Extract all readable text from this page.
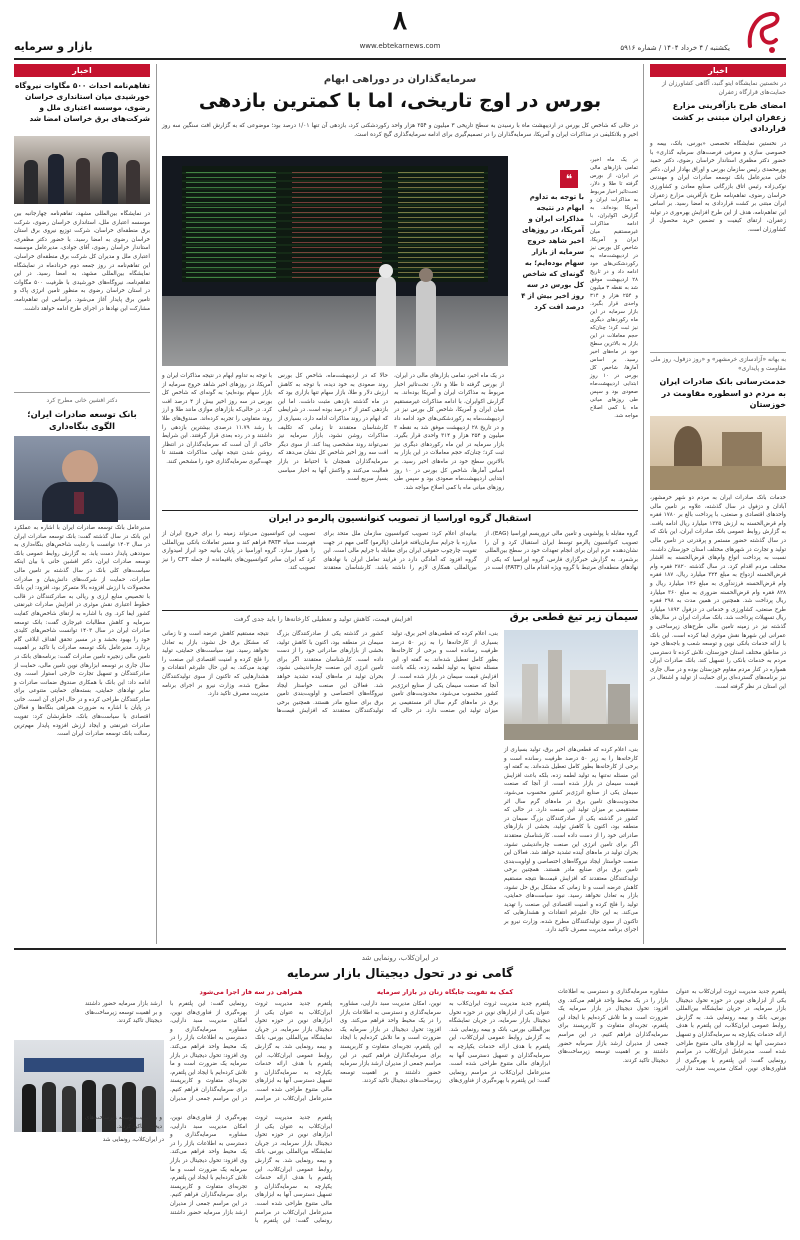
۸
www.ebtekarnews.com
بازار و سرمایه	یکشنبه / ۴ خرداد ۱۴۰۴ / شماره ۵۹۱۶
اخبار
تفاهم‌نامه احداث ۵۰۰ مگاوات نیروگاه خورشیدی میان استانداری خراسان رضوی، موسسه اعتباری ملل و شرکت‌های برق خراسان امضا شد
در نمایشگاه بین‌المللی مشهد، تفاهم‌نامه چهارجانبه بین موسسه اعتباری ملل، استانداری خراسان رضوی، شرکت برق منطقه‌ای خراسان، شرکت توزیع نیروی برق استان خراسان رضوی به امضا رسید. با حضور دکتر مظفری، استاندار خراسان رضوی، آقای جوادی، مدیرعامل موسسه اعتباری ملل و مدیران کل شرکت برق منطقه‌ای خراسان، این تفاهم‌نامه در روز جمعه دوم خرداد‌ماه در نمایشگاه نمایشگاه بین‌المللی مشهد، به امضا رسید. در این تفاهم‌نامه، نیروگاه‌های خورشیدی با ظرفیت ۵۰۰ مگاوات در استان خراسان رضوی به منظور تامین انرژی پاک و تامین برق پایدار آغاز می‌شود. براساس این تفاهم‌نامه، مشارکت این نهادها در اجرای طرح ادامه خواهد داشت.
دکتر افشین خانی مطرح کرد
بانک توسعه صادرات ایران؛ الگوی بنگاه‌داری
مدیرعامل بانک توسعه صادرات ایران با اشاره به عملکرد این بانک در سال گذشته گفت: بانک توسعه صادرات ایران در سال ۱۴۰۳ توانست با رعایت شاخص‌های بنگاه‌داری به سوددهی پایدار دست یابد. به گزارش روابط عمومی بانک توسعه صادرات ایران، دکتر افشین خانی با بیان اینکه سیاست‌های کلی بانک در سال گذشته بر تامین مالی صادرات، حمایت از شرکت‌های دانش‌بنیان و صادرات محصولات با ارزش افزوده بالا متمرکز بود، افزود: این بانک با تخصیص منابع ارزی و ریالی به صادرکنندگان در قالب خطوط اعتباری نقش موثری در افزایش صادرات غیرنفتی کشور ایفا کرد. وی با اشاره به ارتقای شاخص‌های کفایت سرمایه و کاهش مطالبات غیرجاری گفت: بانک توسعه صادرات ایران در سال ۱۴۰۳ توانست شاخص‌های کلیدی خود را بهبود بخشد و در مسیر تحقق اهداف ابلاغی گام بردارد. مدیرعامل بانک توسعه صادرات با تاکید بر اهمیت تامین مالی زنجیره تامین صادرات گفت: برنامه‌های بانک در سال جاری بر توسعه ابزارهای نوین تامین مالی، حمایت از صادرکنندگان و تسهیل تجارت خارجی استوار است. وی ادامه داد: این بانک با همکاری صندوق ضمانت صادرات و سایر نهادهای حمایتی، بسته‌های حمایتی متنوعی برای صادرکنندگان طراحی کرده و در حال اجرای آن است. خانی در پایان با اشاره به ضرورت همراهی بنگاه‌ها و فعالان اقتصادی با سیاست‌های بانک، خاطرنشان کرد: تقویت صادرات غیرنفتی و ایجاد ارزش افزوده پایدار مهم‌ترین رسالت بانک توسعه صادرات ایران است.
سرمایه‌گذاران در دوراهی ابهام
بورس در اوج تاریخی، اما با کمترین بازدهی
در حالی که شاخص کل بورس در اردیبهشت ماه با رسیدن به سطح تاریخی ۳ میلیون و ۲۵۴ هزار واحد رکوردشکنی کرد، بازدهی آن تنها ۱/۰۱ درصد بود؛ موضوعی که به گزارش افت سنگین سه روز اخیر و بلاتکلیفی در مذاکرات ایران و آمریکا، سرمایه‌گذاران را در تصمیم‌گیری برای ادامه سرمایه‌گذاری گیج کرده است.
❝
با توجه به تداوم ابهام در نتیجه مذاکرات ایران و آمریکا، در روزهای اخیر شاهد خروج سرمایه از بازار سهام بوده‌ایم؛ به گونه‌ای که شاخص کل بورس در سه روز اخیر بیش از ۴ درصد افت کرد
در یک ماه اخیر، تمامی بازارهای مالی در ایران، از بورس گرفته تا طلا و دلار، تحت‌تاثیر اخبار مربوط به مذاکرات ایران و آمریکا بوده‌اند. به گزارش اکوایران، با ادامه مذاکرات غیرمستقیم میان ایران و آمریکا، شاخص کل بورس نیز در اردیبهشت‌ماه به رکوردشکنی‌های خود ادامه داد و در تاریخ ۲۸ اردیبهشت موفق شد به نقطه ۳ میلیون و ۲۵۴ هزار و ۳۱۴ واحدی قرار بگیرد. بازار سرمایه در این ماه رکوردهای دیگری نیز ثبت کرد؛ چنان‌که حجم معاملات در این بازار به بالاترین سطح خود در ماه‌های اخیر رسید. بر اساس آمارها، شاخص کل بورس در ۱۰ روز ابتدایی اردیبهشت‌ماه صعودی بود و سپس طی روزهای میانی ماه با کمی اصلاح مواجه شد.
با توجه به تداوم ابهام در نتیجه مذاکرات ایران و آمریکا، در روزهای اخیر شاهد خروج سرمایه از بازار سهام بوده‌ایم؛ به گونه‌ای که شاخص کل بورس در سه روز اخیر بیش از ۴ درصد افت کرد. در حالی‌که بازارهای موازی مانند طلا و ارز روند متفاوتی را تجربه کرده‌اند. صندوق‌های طلا با رشد ۱۱.۷۹ درصدی بیشترین بازدهی را داشتند و در رده بعدی قرار گرفتند. این شرایط حاکی از آن است که سرمایه‌گذاران در انتظار روشن شدن نتیجه نهایی مذاکرات هستند تا جهت‌گیری سرمایه‌گذاری خود را مشخص کنند.
حالا که در اردیبهشت‌ماه، شاخص کل بورس روند صعودی به خود دیده، با توجه به کاهش ارزش دلار و طلا، بازار سهام تنها بازاری بود که در ماه گذشته بازدهی مثبت داشت. اما این بازدهی کمتر از ۲ درصد بوده است. در شرایطی که ابهام در روند مذاکرات ادامه دارد، بسیاری از کارشناسان معتقدند تا زمانی که تکلیف مذاکرات روشن نشود، بازار سرمایه نیز نمی‌تواند روند مشخصی پیدا کند. از سوی دیگر افت سه روز اخیر شاخص کل نشان می‌دهد که سرمایه‌گذاران همچنان با احتیاط در بازار فعالیت می‌کنند و واکنش آنها به اخبار سیاسی بسیار سریع است.
در یک ماه اخیر، تمامی بازارهای مالی در ایران، از بورس گرفته تا طلا و دلار، تحت‌تاثیر اخبار مربوط به مذاکرات ایران و آمریکا بوده‌اند. به گزارش اکوایران، با ادامه مذاکرات غیرمستقیم میان ایران و آمریکا، شاخص کل بورس نیز در اردیبهشت‌ماه به رکوردشکنی‌های خود ادامه داد و در تاریخ ۲۸ اردیبهشت موفق شد به نقطه ۳ میلیون و ۲۵۴ هزار و ۳۱۴ واحدی قرار بگیرد. بازار سرمایه در این ماه رکوردهای دیگری نیز ثبت کرد؛ چنان‌که حجم معاملات در این بازار به بالاترین سطح خود در ماه‌های اخیر رسید. بر اساس آمارها، شاخص کل بورس در ۱۰ روز ابتدایی اردیبهشت‌ماه صعودی بود و سپس طی روزهای میانی ماه با کمی اصلاح مواجه شد.
استقبال گروه اوراسیا از تصویب کنوانسیون پالرمو در ایران
گروه مقابله با پولشویی و تامین مالی تروریسم اوراسیا (EAG)، از تصویب کنوانسیون پالرمو توسط ایران استقبال کرد و آن را نشان‌دهنده عزم ایران برای انجام تعهدات خود در سطح بین‌المللی برشمرد. به گزارش خبرگزاری فارس، گروه اوراسیا که یکی از نهادهای منطقه‌ای مرتبط با گروه ویژه اقدام مالی (FATF) است در بیانیه‌ای اعلام کرد: تصویب کنوانسیون سازمان ملل متحد برای مبارزه با جرایم سازمان‌یافته فراملی (پالرمو) گامی مهم در جهت تقویت چارچوب حقوقی ایران برای مقابله با جرایم مالی است. این گروه افزود که آمادگی دارد در فرایند تعامل ایران با نهادهای بین‌المللی همکاری لازم را داشته باشد. کارشناسان معتقدند تصویب این کنوانسیون می‌تواند زمینه را برای خروج ایران از فهرست سیاه FATF فراهم کند و مسیر تعاملات بانکی بین‌المللی را هموار سازد. گروه اوراسیا در پایان بیانیه خود ابراز امیدواری کرد که ایران سایر کنوانسیون‌های باقیمانده از جمله CFT را نیز تصویب کند.
افزایش قیمت، کاهش تولید و تعطیلی کارخانه‌ها را باید جدی گرفت	سیمان زیر تیغ قطعی برق
بنی، اعلام کرده که قطعی‌های اخیر برق، تولید بسیاری از کارخانه‌ها را به زیر ۵۰ درصد ظرفیت رسانده است و برخی از کارخانه‌ها بطور کامل تعطیل شده‌اند. به گفته او، این مسئله نه‌تنها به تولید لطمه زده، بلکه باعث افزایش قیمت سیمان در بازار شده است. از آنجا که صنعت سیمان یکی از صنایع انرژی‌بر کشور محسوب می‌شود، محدودیت‌های تامین برق در ماه‌های گرم سال اثر مستقیمی بر میزان تولید این صنعت دارد. در حالی که کشور در گذشته یکی از صادرکنندگان بزرگ سیمان در منطقه بود، اکنون با کاهش تولید، بخشی از بازارهای صادراتی خود را از دست داده است. کارشناسان معتقدند اگر برای تامین انرژی این صنعت چاره‌اندیشی نشود، بحران تولید در ماه‌های آینده تشدید خواهد شد. فعالان این صنعت خواستار ایجاد نیروگاه‌های اختصاصی و اولویت‌بندی تامین برق برای صنایع مادر هستند. همچنین برخی تولیدکنندگان معتقدند که افزایش قیمت‌ها نتیجه مستقیم کاهش عرضه است و تا زمانی که مشکل برق حل نشود، بازار به تعادل نخواهد رسید. نبود سیاست‌های حمایتی، تولید را فلج کرده و امنیت اقتصادی این صنعت را تهدید می‌کند. به این حال علیرغم انتقادات و هشدارهایی که تاکنون از سوی تولیدکنندگان مطرح شده، وزارت نیرو بر اجرای برنامه مدیریت مصرف تاکید دارد.
بنی، اعلام کرده که قطعی‌های اخیر برق، تولید بسیاری از کارخانه‌ها را به زیر ۵۰ درصد ظرفیت رسانده است و برخی از کارخانه‌ها بطور کامل تعطیل شده‌اند. به گفته او، این مسئله نه‌تنها به تولید لطمه زده، بلکه باعث افزایش قیمت سیمان در بازار شده است. از آنجا که صنعت سیمان یکی از صنایع انرژی‌بر کشور محسوب می‌شود، محدودیت‌های تامین برق در ماه‌های گرم سال اثر مستقیمی بر میزان تولید این صنعت دارد. در حالی که کشور در گذشته یکی از صادرکنندگان بزرگ سیمان در منطقه بود، اکنون با کاهش تولید، بخشی از بازارهای صادراتی خود را از دست داده است. کارشناسان معتقدند اگر برای تامین انرژی این صنعت چاره‌اندیشی نشود، بحران تولید در ماه‌های آینده تشدید خواهد شد. فعالان این صنعت خواستار ایجاد نیروگاه‌های اختصاصی و اولویت‌بندی تامین برق برای صنایع مادر هستند. همچنین برخی تولیدکنندگان معتقدند که افزایش قیمت‌ها نتیجه مستقیم کاهش عرضه است و تا زمانی که مشکل برق حل نشود، بازار به تعادل نخواهد رسید. نبود سیاست‌های حمایتی، تولید را فلج کرده و امنیت اقتصادی این صنعت را تهدید می‌کند. به این حال علیرغم انتقادات و هشدارهایی که تاکنون از سوی تولیدکنندگان مطرح شده، وزارت نیرو بر اجرای برنامه مدیریت مصرف تاکید دارد.
اخبار
در نخستین نمایشگاه ایتو گنبد، آگاهی کشاورزان از حمایت‌های قرارگاه زعفران
امضای طرح بازآفرینی مزارع زعفران ایران مبتنی بر کشت قراردادی
در نخستین نمایشگاه تخصصی «بورس، بانک، بیمه و خصوصی سازی و معرفی فرصت‌های سرمایه گذاری» با حضور دکتر مظفری استاندار خراسان رضوی، دکتر حمید پورمحمدی رئیس سازمان بورس و اوراق بهادار ایران، دکتر خانی مدیرعامل بانک توسعه صادرات ایران و مهندس نوکی‌زاده رئیس اتاق بازرگانی صنایع معادن و کشاورزی خراسان رضوی، تفاهم‌نامه طرح بازآفرینی مزارع زعفران ایران مبتنی بر کشت قراردادی به امضا رسید. بر اساس این تفاهم‌نامه، هدف از این طرح افزایش بهره‌وری در تولید زعفران، ارتقای کیفیت و تضمین خرید محصول از کشاورزان است.
به بهانه «آزادسازی خرمشهر» و «روز دزفول، روز ملی مقاومت و پایداری»
خدمت‌رسانی بانک صادرات ایران به مردم دو اسطوره مقاومت در خوزستان
خدمات بانک صادرات ایران به مردم دو شهر خرمشهر، آبادان و دزفول در سال گذشته، علاوه بر تامین مالی واحدهای اقتصادی و صنعتی، با پرداخت بالغ بر ۱۷۸۰ فقره وام قرض‌الحسنه به ارزش ۱۳۳۵ میلیارد ریال ادامه یافت. به گزارش روابط عمومی بانک صادرات ایران، این بانک که در سال گذشته حضور مستمر و پرقدرتی در تامین مالی تولید و تجارت در شهرهای مختلف استان خوزستان داشت، نسبت به پرداخت انواع وام‌های قرض‌الحسنه به اقشار مختلف مردم اقدام کرد. در سال گذشته ۲۸۲۰ فقره وام قرض‌الحسنه ازدواج به مبلغ ۳۲۴ میلیارد ریال، ۱۸۷ فقره وام قرض‌الحسنه فرزندآوری به مبلغ ۱۴۶ میلیارد ریال و ۸۲۸ فقره وام قرض‌الحسنه ضروری به مبلغ ۳۶۰ میلیارد ریال پرداخت شد. همچنین در همین مدت به ۲۹۸ فقره طرح صنعتی، کشاورزی و خدماتی در دزفول ۱۸۹۲ میلیارد ریال تسهیلات پرداخت شد. بانک صادرات ایران در سال‌های گذشته نیز در زمینه تامین مالی طرح‌های زیرساختی و عمرانی این شهرها نقش موثری ایفا کرده است. این بانک با ارائه خدمات بانکی نوین و توسعه شعب و باجه‌های خود در مناطق مختلف استان خوزستان، تلاش کرده تا دسترسی مردم به خدمات بانکی را تسهیل کند. بانک صادرات ایران همواره در کنار مردم مقاوم خوزستان بوده و در سال جاری نیز برنامه‌های گسترده‌ای برای حمایت از تولید و اشتغال در این استان در نظر گرفته است.
در ایران‌کلاب، رونمایی شد
گامی نو در تحول دیجیتال بازار سرمایه
پلتفرم جدید مدیریت ثروت ایران‌کلاب به عنوان یکی از ابزارهای نوین در حوزه تحول دیجیتال بازار سرمایه، در جریان نمایشگاه بین‌المللی بورس، بانک و بیمه رونمایی شد. به گزارش روابط عمومی ایران‌کلاب، این پلتفرم با هدف ارائه خدمات یکپارچه به سرمایه‌گذاران و تسهیل دسترسی آنها به ابزارهای مالی متنوع طراحی شده است. مدیرعامل ایران‌کلاب در مراسم رونمایی گفت: این پلتفرم با بهره‌گیری از فناوری‌های نوین، امکان مدیریت سبد دارایی، مشاوره سرمایه‌گذاری و دسترسی به اطلاعات بازار را در یک محیط واحد فراهم می‌کند. وی افزود: تحول دیجیتال در بازار سرمایه یک ضرورت است و ما تلاش کرده‌ایم با ایجاد این پلتفرم، تجربه‌ای متفاوت و کاربرپسند برای سرمایه‌گذاران فراهم کنیم. در این مراسم جمعی از مدیران ارشد بازار سرمایه حضور داشتند و بر اهمیت توسعه زیرساخت‌های دیجیتال تاکید کردند.
کمک به تقویت جایگاه زنان در بازار سرمایه
پلتفرم جدید مدیریت ثروت ایران‌کلاب به عنوان یکی از ابزارهای نوین در حوزه تحول دیجیتال بازار سرمایه، در جریان نمایشگاه بین‌المللی بورس، بانک و بیمه رونمایی شد. به گزارش روابط عمومی ایران‌کلاب، این پلتفرم با هدف ارائه خدمات یکپارچه به سرمایه‌گذاران و تسهیل دسترسی آنها به ابزارهای مالی متنوع طراحی شده است. مدیرعامل ایران‌کلاب در مراسم رونمایی گفت: این پلتفرم با بهره‌گیری از فناوری‌های نوین، امکان مدیریت سبد دارایی، مشاوره سرمایه‌گذاری و دسترسی به اطلاعات بازار را در یک محیط واحد فراهم می‌کند. وی افزود: تحول دیجیتال در بازار سرمایه یک ضرورت است و ما تلاش کرده‌ایم با ایجاد این پلتفرم، تجربه‌ای متفاوت و کاربرپسند برای سرمایه‌گذاران فراهم کنیم. در این مراسم جمعی از مدیران ارشد بازار سرمایه حضور داشتند و بر اهمیت توسعه زیرساخت‌های دیجیتال تاکید کردند.
همراهی در سه فاز اجرا می‌شود
پلتفرم جدید مدیریت ثروت ایران‌کلاب به عنوان یکی از ابزارهای نوین در حوزه تحول دیجیتال بازار سرمایه، در جریان نمایشگاه بین‌المللی بورس، بانک و بیمه رونمایی شد. به گزارش روابط عمومی ایران‌کلاب، این پلتفرم با هدف ارائه خدمات یکپارچه به سرمایه‌گذاران و تسهیل دسترسی آنها به ابزارهای مالی متنوع طراحی شده است. مدیرعامل ایران‌کلاب در مراسم رونمایی گفت: این پلتفرم با بهره‌گیری از فناوری‌های نوین، امکان مدیریت سبد دارایی، مشاوره سرمایه‌گذاری و دسترسی به اطلاعات بازار را در یک محیط واحد فراهم می‌کند. وی افزود: تحول دیجیتال در بازار سرمایه یک ضرورت است و ما تلاش کرده‌ایم با ایجاد این پلتفرم، تجربه‌ای متفاوت و کاربرپسند برای سرمایه‌گذاران فراهم کنیم. در این مراسم جمعی از مدیران ارشد بازار سرمایه حضور داشتند و بر اهمیت توسعه زیرساخت‌های دیجیتال تاکید کردند.
پلتفرم جدید مدیریت ثروت ایران‌کلاب به عنوان یکی از ابزارهای نوین در حوزه تحول دیجیتال بازار سرمایه، در جریان نمایشگاه بین‌المللی بورس، بانک و بیمه رونمایی شد. به گزارش روابط عمومی ایران‌کلاب، این پلتفرم با هدف ارائه خدمات یکپارچه به سرمایه‌گذاران و تسهیل دسترسی آنها به ابزارهای مالی متنوع طراحی شده است. مدیرعامل ایران‌کلاب در مراسم رونمایی گفت: این پلتفرم با بهره‌گیری از فناوری‌های نوین، امکان مدیریت سبد دارایی، مشاوره سرمایه‌گذاری و دسترسی به اطلاعات بازار را در یک محیط واحد فراهم می‌کند. وی افزود: تحول دیجیتال در بازار سرمایه یک ضرورت است و ما تلاش کرده‌ایم با ایجاد این پلتفرم، تجربه‌ای متفاوت و کاربرپسند برای سرمایه‌گذاران فراهم کنیم. در این مراسم جمعی از مدیران ارشد بازار سرمایه حضور داشتند
در ایران‌کلاب، رونمایی شد
